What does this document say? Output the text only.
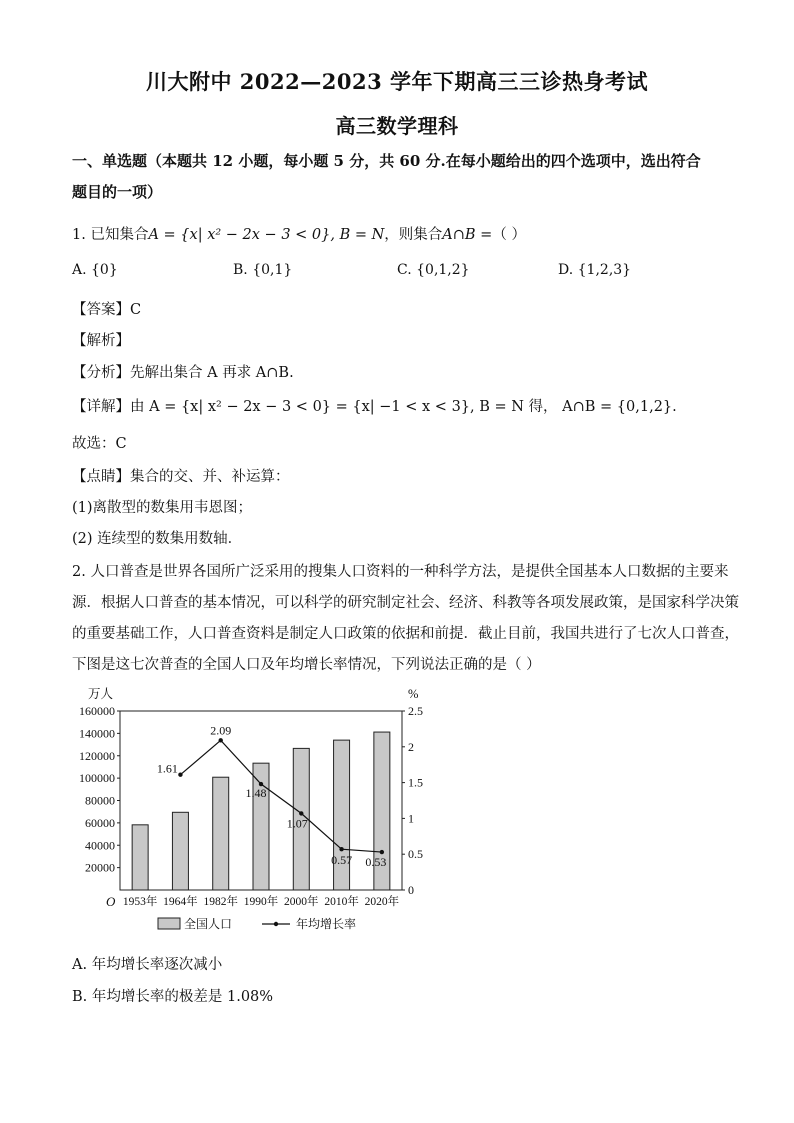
川大附中 2022—2023 学年下期高三三诊热身考试
高三数学理科
一、单选题（本题共 12 小题，每小题 5 分，共 60 分.在每小题给出的四个选项中，选出符合
题目的一项）
1. 已知集合A = {x| x² − 2x − 3 < 0}, B = N，则集合A∩B =（ ）
A. {0}	B. {0,1}	C. {0,1,2}	D. {1,2,3}
【答案】C
【解析】
【分析】先解出集合 A 再求 A∩B.
【详解】由 A = {x| x² − 2x − 3 < 0} = {x| −1 < x < 3}, B = N 得， A∩B = {0,1,2}.
故选：C
【点睛】集合的交、并、补运算：
(1)离散型的数集用韦恩图；
(2) 连续型的数集用数轴．
2. 人口普查是世界各国所广泛采用的搜集人口资料的一种科学方法，是提供全国基本人口数据的主要来
源．根据人口普查的基本情况，可以科学的研究制定社会、经济、科教等各项发展政策，是国家科学决策
的重要基础工作，人口普查资料是制定人口政策的依据和前提．截止目前，我国共进行了七次人口普查，
下图是这七次普查的全国人口及年均增长率情况，下列说法正确的是（ ）
160000
140000
120000
100000
80000
60000
40000
20000
2.5
2
1.5
1
0.5
0
万人	%
O 1953年 1964年 1982年 1990年 2000年 2010年 2020年
1.61
2.09
1.48
1.07
0.57 0.53
全国人口	年均增长率
A. 年均增长率逐次减小
B. 年均增长率的极差是 1.08%
